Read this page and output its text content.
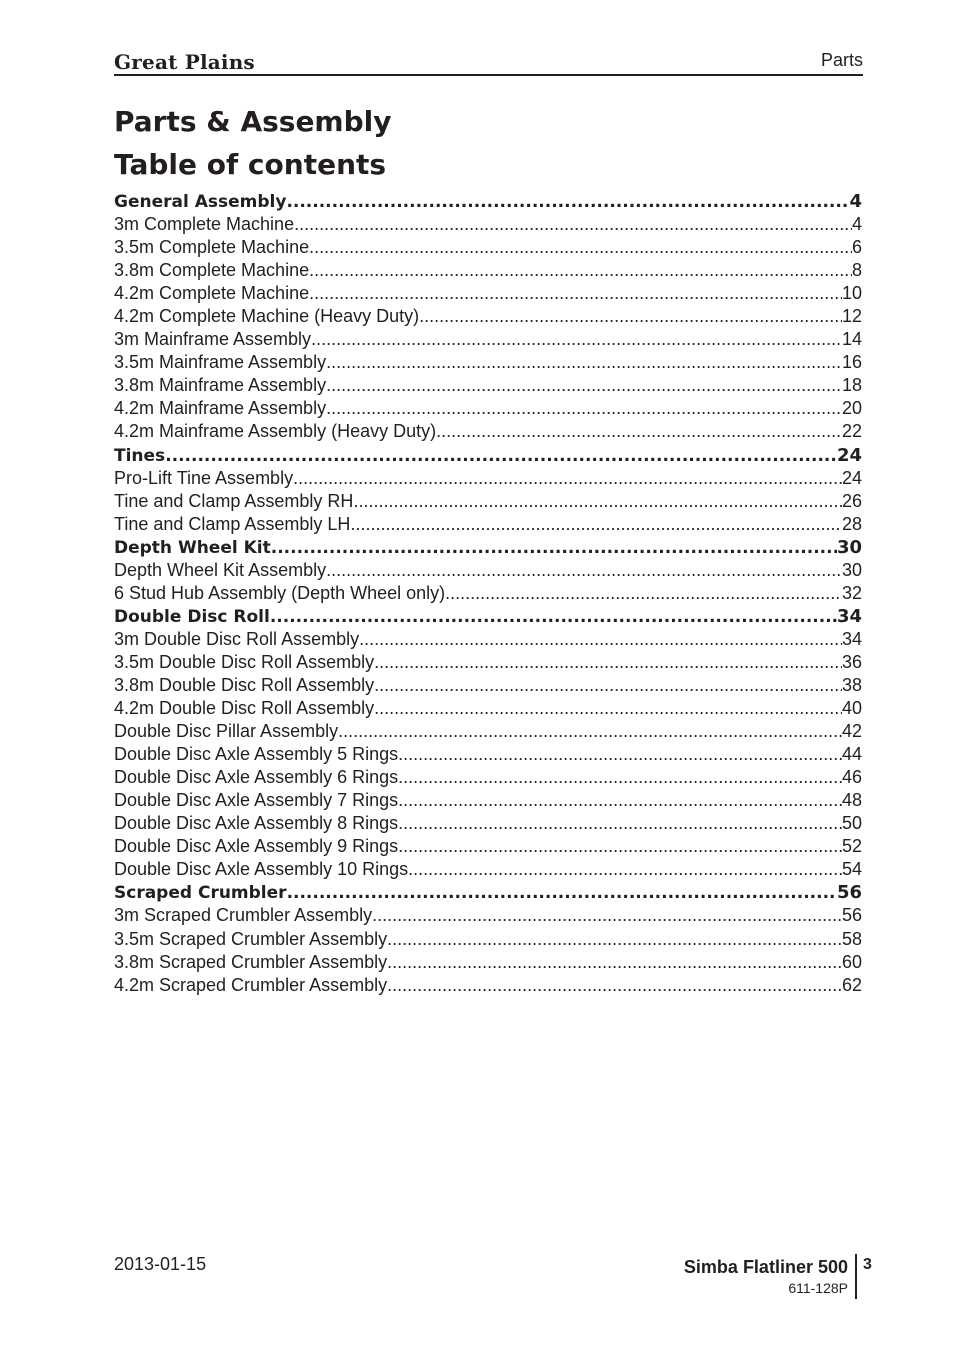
Great Plains	Parts
Parts & Assembly
Table of contents
General Assembly .....	4
3m Complete Machine .....	4
3.5m Complete Machine .....	6
3.8m Complete Machine .....	8
4.2m Complete Machine .....	10
4.2m Complete Machine (Heavy Duty) .....	12
3m Mainframe Assembly .....	14
3.5m Mainframe Assembly .....	16
3.8m Mainframe Assembly .....	18
4.2m Mainframe Assembly .....	20
4.2m Mainframe Assembly (Heavy Duty) .....	22
Tines .....	24
Pro-Lift Tine Assembly .....	24
Tine and Clamp Assembly RH .....	26
Tine and Clamp Assembly LH .....	28
Depth Wheel Kit .....	30
Depth Wheel Kit Assembly .....	30
6 Stud Hub Assembly (Depth Wheel only) .....	32
Double Disc Roll .....	34
3m Double Disc Roll Assembly .....	34
3.5m Double Disc Roll Assembly .....	36
3.8m Double Disc Roll Assembly .....	38
4.2m Double Disc Roll Assembly .....	40
Double Disc Pillar Assembly .....	42
Double Disc Axle Assembly 5 Rings .....	44
Double Disc Axle Assembly 6 Rings .....	46
Double Disc Axle Assembly 7 Rings .....	48
Double Disc Axle Assembly 8 Rings .....	50
Double Disc Axle Assembly 9 Rings .....	52
Double Disc Axle Assembly 10 Rings .....	54
Scraped Crumbler .....	56
3m Scraped Crumbler Assembly .....	56
3.5m Scraped Crumbler Assembly .....	58
3.8m Scraped Crumbler Assembly .....	60
4.2m Scraped Crumbler Assembly .....	62
2013-01-15	Simba Flatliner 500
611-128P
3
